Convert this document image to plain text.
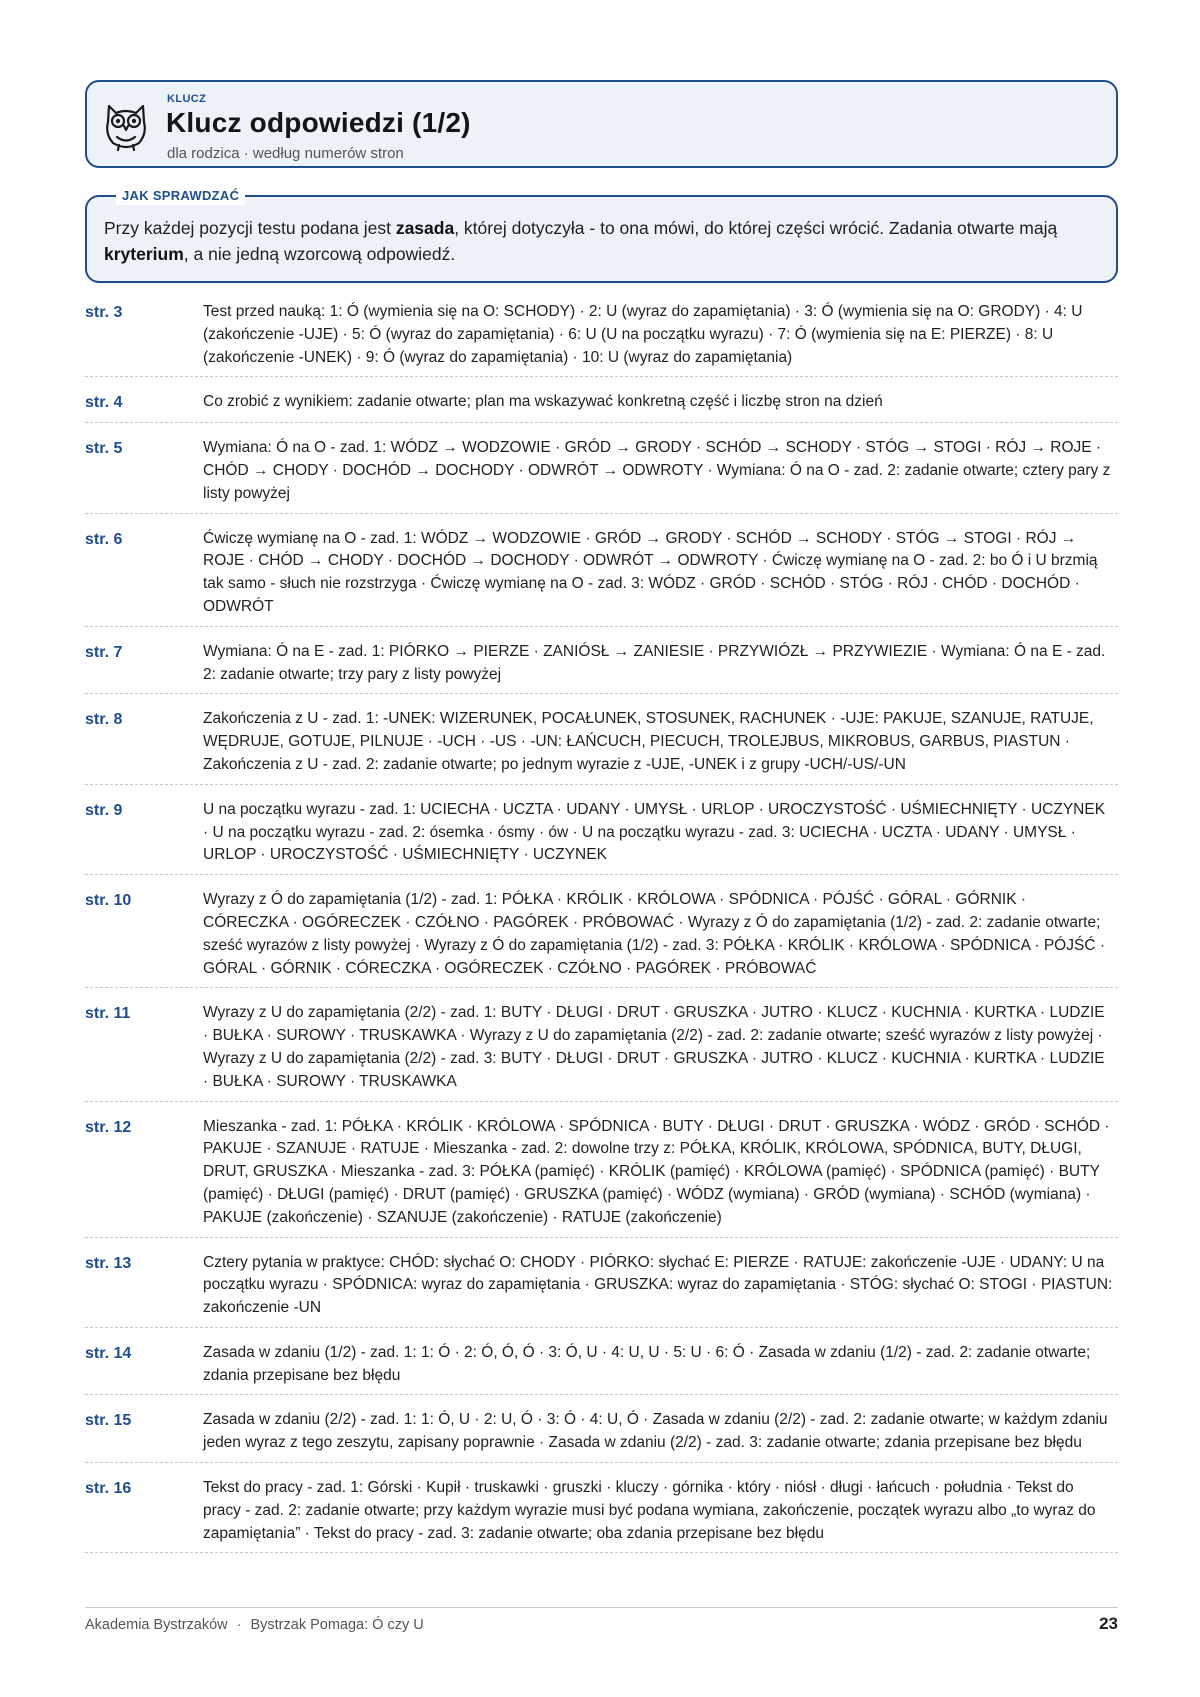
KLUCZ
Klucz odpowiedzi (1/2)
dla rodzica · według numerów stron
JAK SPRAWDZAĆ
Przy każdej pozycji testu podana jest zasada, której dotyczyła - to ona mówi, do której części wrócić. Zadania otwarte mają kryterium, a nie jedną wzorcową odpowiedź.
str. 3	Test przed nauką: 1: Ó (wymienia się na O: SCHODY) · 2: U (wyraz do zapamiętania) · 3: Ó (wymienia się na O: GRODY) · 4: U (zakończenie -UJE) · 5: Ó (wyraz do zapamiętania) · 6: U (U na początku wyrazu) · 7: Ó (wymienia się na E: PIERZE) · 8: U (zakończenie -UNEK) · 9: Ó (wyraz do zapamiętania) · 10: U (wyraz do zapamiętania)
str. 4	Co zrobić z wynikiem: zadanie otwarte; plan ma wskazywać konkretną część i liczbę stron na dzień
str. 5	Wymiana: Ó na O - zad. 1: WÓDZ → WODZOWIE · GRÓD → GRODY · SCHÓD → SCHODY · STÓG → STOGI · RÓJ → ROJE · CHÓD → CHODY · DOCHÓD → DOCHODY · ODWRÓT → ODWROTY · Wymiana: Ó na O - zad. 2: zadanie otwarte; cztery pary z listy powyżej
str. 6	Ćwiczę wymianę na O - zad. 1: WÓDZ → WODZOWIE · GRÓD → GRODY · SCHÓD → SCHODY · STÓG → STOGI · RÓJ → ROJE · CHÓD → CHODY · DOCHÓD → DOCHODY · ODWRÓT → ODWROTY · Ćwiczę wymianę na O - zad. 2: bo Ó i U brzmią tak samo - słuch nie rozstrzyga · Ćwiczę wymianę na O - zad. 3: WÓDZ · GRÓD · SCHÓD · STÓG · RÓJ · CHÓD · DOCHÓD · ODWRÓT
str. 7	Wymiana: Ó na E - zad. 1: PIÓRKO → PIERZE · ZANIÓSŁ → ZANIESIE · PRZYWIÓZŁ → PRZYWIEZIE · Wymiana: Ó na E - zad. 2: zadanie otwarte; trzy pary z listy powyżej
str. 8	Zakończenia z U - zad. 1: -UNEK: WIZERUNEK, POCAŁUNEK, STOSUNEK, RACHUNEK · -UJE: PAKUJE, SZANUJE, RATUJE, WĘDRUJE, GOTUJE, PILNUJE · -UCH · -US · -UN: ŁAŃCUCH, PIECUCH, TROLEJBUS, MIKROBUS, GARBUS, PIASTUN · Zakończenia z U - zad. 2: zadanie otwarte; po jednym wyrazie z -UJE, -UNEK i z grupy -UCH/-US/-UN
str. 9	U na początku wyrazu - zad. 1: UCIECHA · UCZTA · UDANY · UMYSŁ · URLOP · UROCZYSTOŚĆ · UŚMIECHNIĘTY · UCZYNEK · U na początku wyrazu - zad. 2: ósemka · ósmy · ów · U na początku wyrazu - zad. 3: UCIECHA · UCZTA · UDANY · UMYSŁ · URLOP · UROCZYSTOŚĆ · UŚMIECHNIĘTY · UCZYNEK
str. 10	Wyrazy z Ó do zapamiętania (1/2) - zad. 1: PÓŁKA · KRÓLIK · KRÓLOWA · SPÓDNICA · PÓJŚĆ · GÓRAL · GÓRNIK · CÓRECZKA · OGÓRECZEK · CZÓŁNO · PAGÓREK · PRÓBOWAĆ · Wyrazy z Ó do zapamiętania (1/2) - zad. 2: zadanie otwarte; sześć wyrazów z listy powyżej · Wyrazy z Ó do zapamiętania (1/2) - zad. 3: PÓŁKA · KRÓLIK · KRÓLOWA · SPÓDNICA · PÓJŚĆ · GÓRAL · GÓRNIK · CÓRECZKA · OGÓRECZEK · CZÓŁNO · PAGÓREK · PRÓBOWAĆ
str. 11	Wyrazy z U do zapamiętania (2/2) - zad. 1: BUTY · DŁUGI · DRUT · GRUSZKA · JUTRO · KLUCZ · KUCHNIA · KURTKA · LUDZIE · BUŁKA · SUROWY · TRUSKAWKA · Wyrazy z U do zapamiętania (2/2) - zad. 2: zadanie otwarte; sześć wyrazów z listy powyżej · Wyrazy z U do zapamiętania (2/2) - zad. 3: BUTY · DŁUGI · DRUT · GRUSZKA · JUTRO · KLUCZ · KUCHNIA · KURTKA · LUDZIE · BUŁKA · SUROWY · TRUSKAWKA
str. 12	Mieszanka - zad. 1: PÓŁKA · KRÓLIK · KRÓLOWA · SPÓDNICA · BUTY · DŁUGI · DRUT · GRUSZKA · WÓDZ · GRÓD · SCHÓD · PAKUJE · SZANUJE · RATUJE · Mieszanka - zad. 2: dowolne trzy z: PÓŁKA, KRÓLIK, KRÓLOWA, SPÓDNICA, BUTY, DŁUGI, DRUT, GRUSZKA · Mieszanka - zad. 3: PÓŁKA (pamięć) · KRÓLIK (pamięć) · KRÓLOWA (pamięć) · SPÓDNICA (pamięć) · BUTY (pamięć) · DŁUGI (pamięć) · DRUT (pamięć) · GRUSZKA (pamięć) · WÓDZ (wymiana) · GRÓD (wymiana) · SCHÓD (wymiana) · PAKUJE (zakończenie) · SZANUJE (zakończenie) · RATUJE (zakończenie)
str. 13	Cztery pytania w praktyce: CHÓD: słychać O: CHODY · PIÓRKO: słychać E: PIERZE · RATUJE: zakończenie -UJE · UDANY: U na początku wyrazu · SPÓDNICA: wyraz do zapamiętania · GRUSZKA: wyraz do zapamiętania · STÓG: słychać O: STOGI · PIASTUN: zakończenie -UN
str. 14	Zasada w zdaniu (1/2) - zad. 1: 1: Ó · 2: Ó, Ó, Ó · 3: Ó, U · 4: U, U · 5: U · 6: Ó · Zasada w zdaniu (1/2) - zad. 2: zadanie otwarte; zdania przepisane bez błędu
str. 15	Zasada w zdaniu (2/2) - zad. 1: 1: Ó, U · 2: U, Ó · 3: Ó · 4: U, Ó · Zasada w zdaniu (2/2) - zad. 2: zadanie otwarte; w każdym zdaniu jeden wyraz z tego zeszytu, zapisany poprawnie · Zasada w zdaniu (2/2) - zad. 3: zadanie otwarte; zdania przepisane bez błędu
str. 16	Tekst do pracy - zad. 1: Górski · Kupił · truskawki · gruszki · kluczy · górnika · który · niósł · długi · łańcuch · południa · Tekst do pracy - zad. 2: zadanie otwarte; przy każdym wyrazie musi być podana wymiana, zakończenie, początek wyrazu albo „to wyraz do zapamiętania” · Tekst do pracy - zad. 3: zadanie otwarte; oba zdania przepisane bez błędu
Akademia Bystrzaków · Bystrzak Pomaga: Ó czy U	23
